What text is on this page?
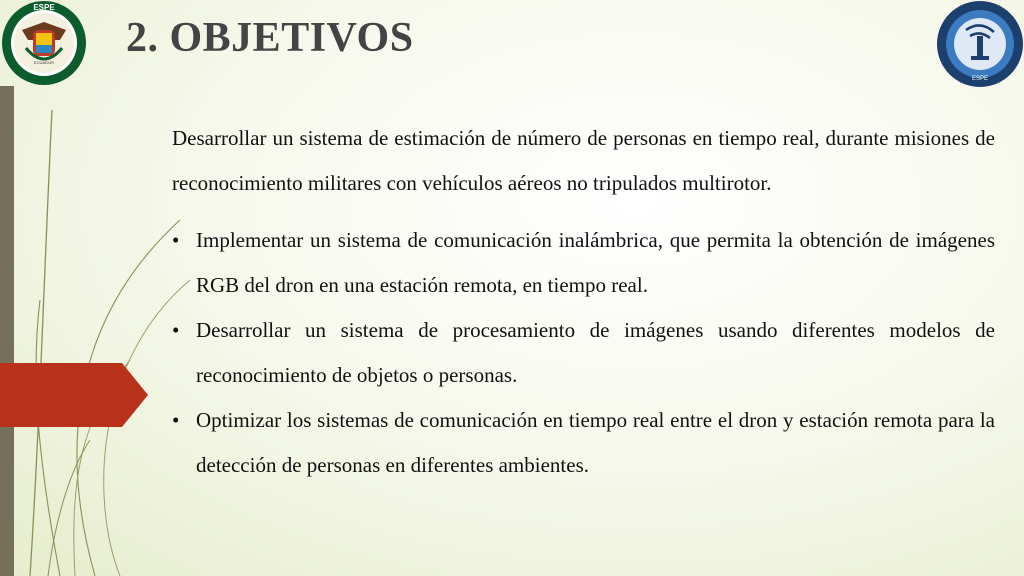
ESPE
ECUADOR
2. OBJETIVOS
ESPE

Desarrollar un sistema de estimación de número de personas en tiempo real, durante misiones de reconocimiento militares con vehículos aéreos no tripulados multirotor.

• Implementar un sistema de comunicación inalámbrica, que permita la obtención de imágenes RGB del dron en una estación remota, en tiempo real.
• Desarrollar un sistema de procesamiento de imágenes usando diferentes modelos de reconocimiento de objetos o personas.
• Optimizar los sistemas de comunicación en tiempo real entre el dron y estación remota para la detección de personas en diferentes ambientes.
